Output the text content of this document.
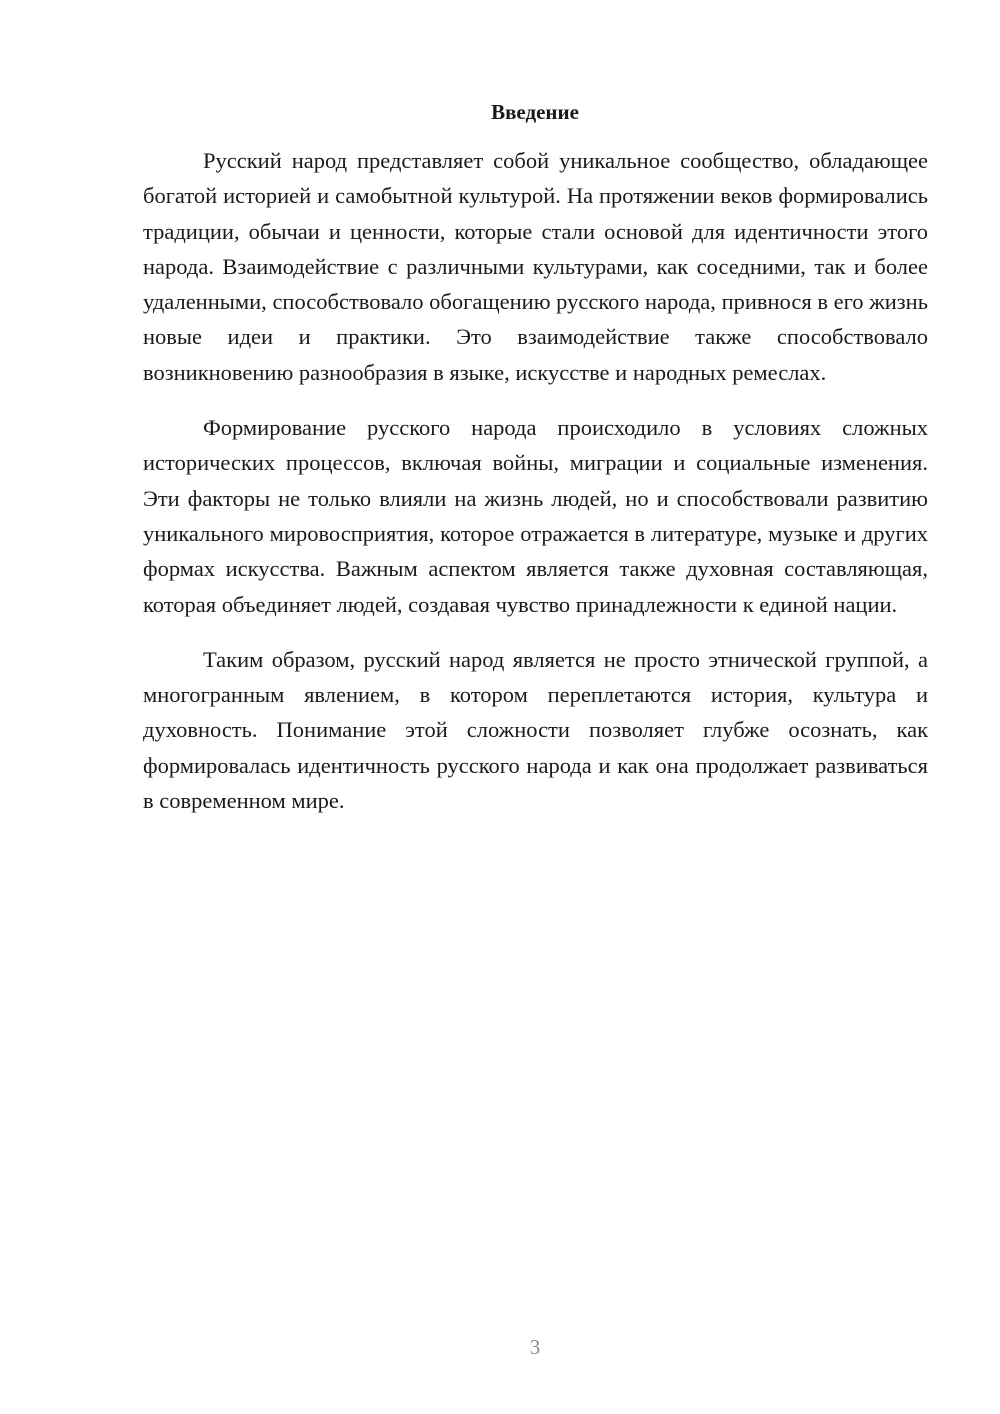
Введение

Русский народ представляет собой уникальное сообщество, обладающее богатой историей и самобытной культурой. На протяжении веков формировались традиции, обычаи и ценности, которые стали основой для идентичности этого народа. Взаимодействие с различными культурами, как соседними, так и более удаленными, способствовало обогащению русского народа, привнося в его жизнь новые идеи и практики. Это взаимодействие также способствовало возникновению разнообразия в языке, искусстве и народных ремеслах.

Формирование русского народа происходило в условиях сложных исторических процессов, включая войны, миграции и социальные изменения. Эти факторы не только влияли на жизнь людей, но и способствовали развитию уникального мировосприятия, которое отражается в литературе, музыке и других формах искусства. Важным аспектом является также духовная составляющая, которая объединяет людей, создавая чувство принадлежности к единой нации.

Таким образом, русский народ является не просто этнической группой, а многогранным явлением, в котором переплетаются история, культура и духовность. Понимание этой сложности позволяет глубже осознать, как формировалась идентичность русского народа и как она продолжает развиваться в современном мире.

3
